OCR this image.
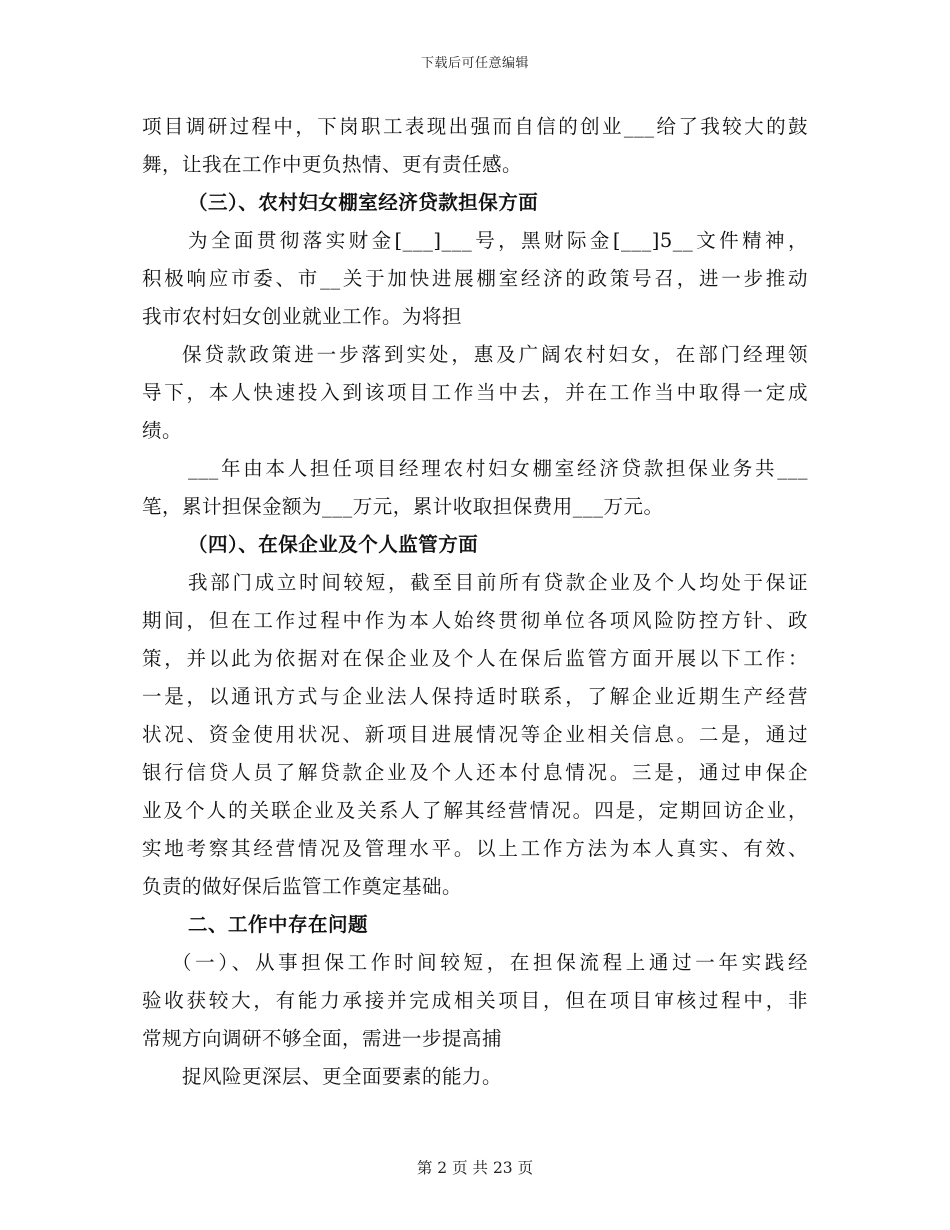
下载后可任意编辑
项目调研过程中，下岗职工表现出强而自信的创业___给了我较大的鼓
舞，让我在工作中更负热情、更有责任感。
（三）、农村妇女棚室经济贷款担保方面
为全面贯彻落实财金[___]___号，黑财际金[___]5__文件精神，
积极响应市委、市__关于加快进展棚室经济的政策号召，进一步推动
我市农村妇女创业就业工作。为将担
保贷款政策进一步落到实处，惠及广阔农村妇女，在部门经理领
导下，本人快速投入到该项目工作当中去，并在工作当中取得一定成
绩。
___年由本人担任项目经理农村妇女棚室经济贷款担保业务共___
笔，累计担保金额为___万元，累计收取担保费用___万元。
（四）、在保企业及个人监管方面
我部门成立时间较短，截至目前所有贷款企业及个人均处于保证
期间，但在工作过程中作为本人始终贯彻单位各项风险防控方针、政
策，并以此为依据对在保企业及个人在保后监管方面开展以下工作：
一是，以通讯方式与企业法人保持适时联系，了解企业近期生产经营
状况、资金使用状况、新项目进展情况等企业相关信息。二是，通过
银行信贷人员了解贷款企业及个人还本付息情况。三是，通过申保企
业及个人的关联企业及关系人了解其经营情况。四是，定期回访企业，
实地考察其经营情况及管理水平。以上工作方法为本人真实、有效、
负责的做好保后监管工作奠定基础。
二、工作中存在问题
（一）、从事担保工作时间较短，在担保流程上通过一年实践经
验收获较大，有能力承接并完成相关项目，但在项目审核过程中，非
常规方向调研不够全面，需进一步提高捕
捉风险更深层、更全面要素的能力。
第 2 页 共 23 页
